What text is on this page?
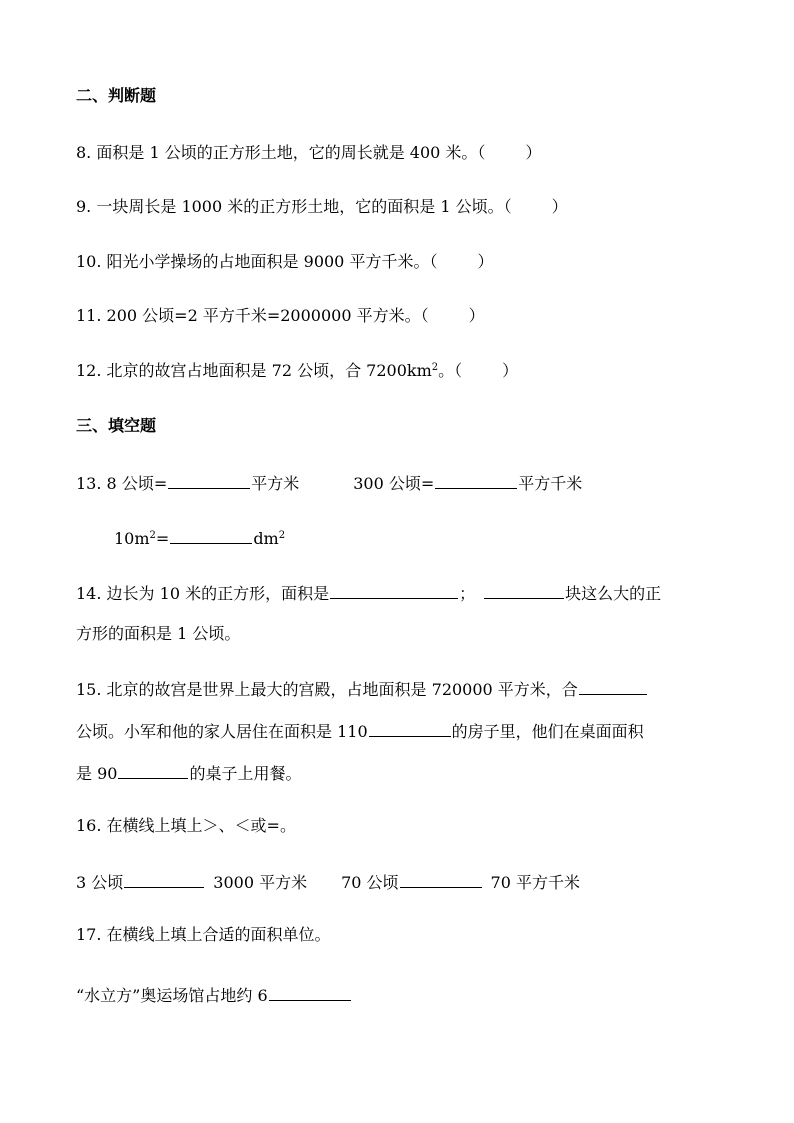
二、判断题
8. 面积是 1 公顷的正方形土地，它的周长就是 400 米。（	）
9. 一块周长是 1000 米的正方形土地，它的面积是 1 公顷。（	）
10. 阳光小学操场的占地面积是 9000 平方千米。（	）
11. 200 公顷=2 平方千米=2000000 平方米。（	）
12. 北京的故宫占地面积是 72 公顷，合 $7200km^2$。（	）
三、填空题
13. 8 公顷=	平方米	300 公顷=	平方千米
$10m^2=$	$dm^2$
14. 边长为 10 米的正方形，面积是	；	块这么大的正
方形的面积是 1 公顷。
15. 北京的故宫是世界上最大的宫殿，占地面积是 720000 平方米，合
公顷。小军和他的家人居住在面积是 110	的房子里，他们在桌面面积
是 90	的桌子上用餐。
16. 在横线上填上＞、＜或=。
3 公顷	3000 平方米 70 公顷	70 平方千米
17. 在横线上填上合适的面积单位。
“水立方”奥运场馆占地约 6
